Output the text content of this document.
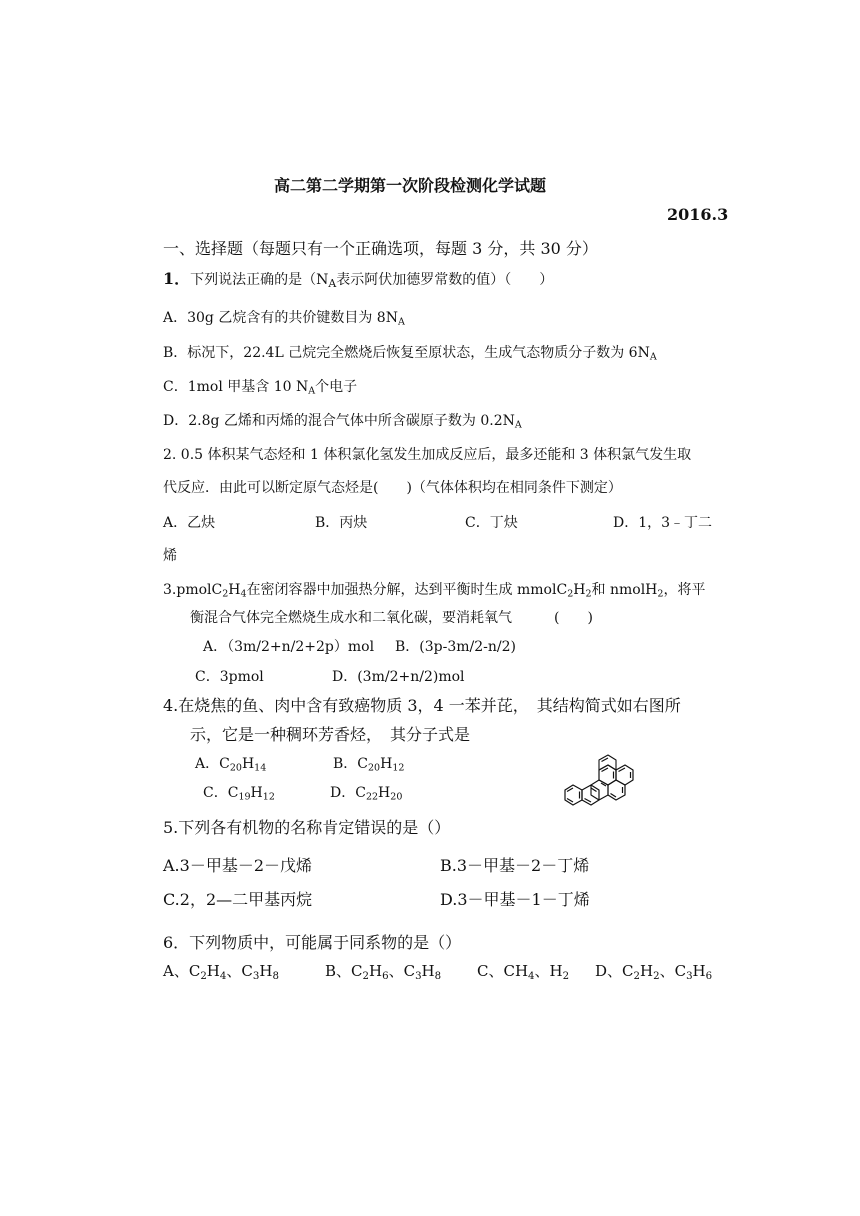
高二第二学期第一次阶段检测化学试题
2016.3
一、选择题（每题只有一个正确选项，每题 3 分，共 30 分）
1．下列说法正确的是（$N_A$表示阿伏加德罗常数的值）（　　）
A．30g 乙烷含有的共价键数目为 $8N_A$
B．标况下，22.4L 己烷完全燃烧后恢复至原状态，生成气态物质分子数为 $6N_A$
C．1mol 甲基含 10 $N_A$个电子
D．2.8g 乙烯和丙烯的混合气体中所含碳原子数为 $0.2N_A$
2. 0.5 体积某气态烃和 1 体积氯化氢发生加成反应后，最多还能和 3 体积氯气发生取
代反应．由此可以断定原气态烃是(　　)（气体体积均在相同条件下测定）
A．乙炔	B．丙炔	C．丁炔	D．1，3﹣丁二
烯
$3.pmolC_2H_4$在密闭容器中加强热分解，达到平衡时生成 $mmolC_2H_2$和 nmolH$_2$，将平
衡混合气体完全燃烧生成水和二氧化碳，要消耗氧气　　　(　　)
A．（3m/2+n/2+2p）mol B．(3p-3m/2-n/2)
C．3pmol	D．(3m/2+n/2)mol
4.在烧焦的鱼、肉中含有致癌物质 3，4 一苯并芘，　其结构简式如右图所
示，它是一种稠环芳香烃，　其分子式是
A．$C_{20}H_{14}$	B．$C_{20}H_{12}$
C．$C_{19}H_{12}$	D．$C_{22}H_{20}$
5.下列各有机物的名称肯定错误的是（）
A.3－甲基－2－戊烯	B.3－甲基－2－丁烯
C.2，2—二甲基丙烷	D.3－甲基－1－丁烯
6．下列物质中，可能属于同系物的是（）
A、$C_2H_4$、$C_3H_8$	B、$C_2H_6$、$C_3H_8$ C、$CH_4$、$H_2$ D、$C_2H_2$、$C_3H_6$
